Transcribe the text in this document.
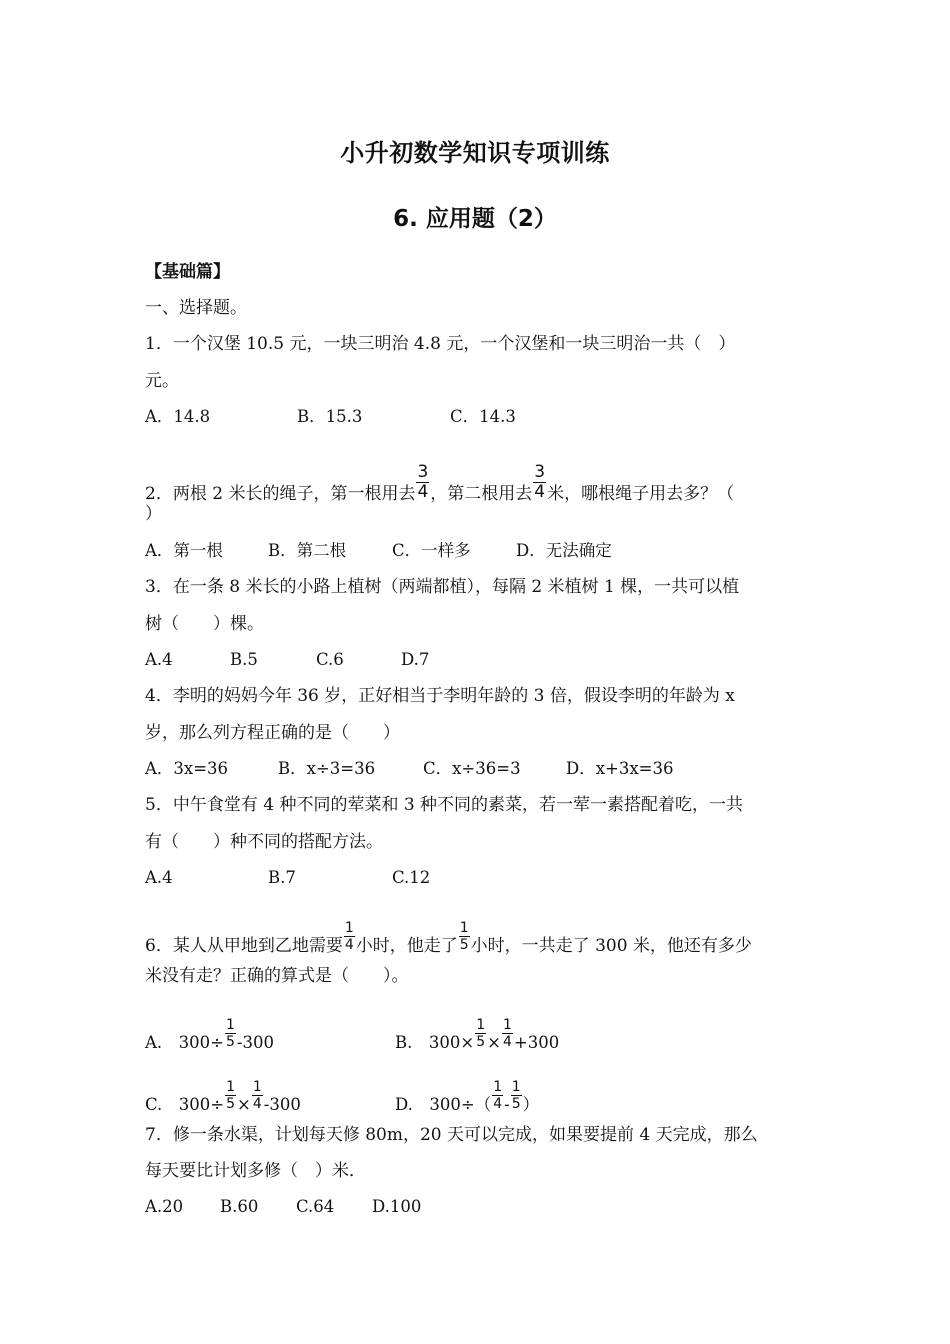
小升初数学知识专项训练
6. 应用题（2）
【基础篇】
一、选择题。
1．一个汉堡 10.5 元，一块三明治 4.8 元，一个汉堡和一块三明治一共（　）
元。
A．14.8	B．15.3	C．14.3
2．两根 2 米长的绳子，第一根用去 $\frac{3}{4}$ ，第二根用去 $\frac{3}{4}$ 米，哪根绳子用去多？（
）
A．第一根	B．第二根	C．一样多	D．无法确定
3．在一条 8 米长的小路上植树（两端都植），每隔 2 米植树 1 棵，一共可以植
树（　　）棵。
A.4	B.5	C.6	D.7
4．李明的妈妈今年 36 岁，正好相当于李明年龄的 3 倍，假设李明的年龄为 x
岁，那么列方程正确的是（　　）
A．3x=36	B．x÷3=36	C．x÷36=3	D．x+3x=36
5．中午食堂有 4 种不同的荤菜和 3 种不同的素菜，若一荤一素搭配着吃，一共
有（　　）种不同的搭配方法。
A.4	B.7	C.12
6．某人从甲地到乙地需要 $\frac{1}{4}$ 小时，他走了 $\frac{1}{5}$ 小时，一共走了 300 米，他还有多少
米没有走？正确的算式是（　　）。
A.　$300\div \frac{1}{5} -300$	B.　$300\times \frac{1}{5} \times \frac{1}{4} +300$
C.　$300\div \frac{1}{5} \times \frac{1}{4} -300$	D.　$300\div( \frac{1}{4} - \frac{1}{5}$ ）
7．修一条水渠，计划每天修 80m，20 天可以完成，如果要提前 4 天完成，那么
每天要比计划多修（　）米．
A.20 B.60 C.64 D.100
